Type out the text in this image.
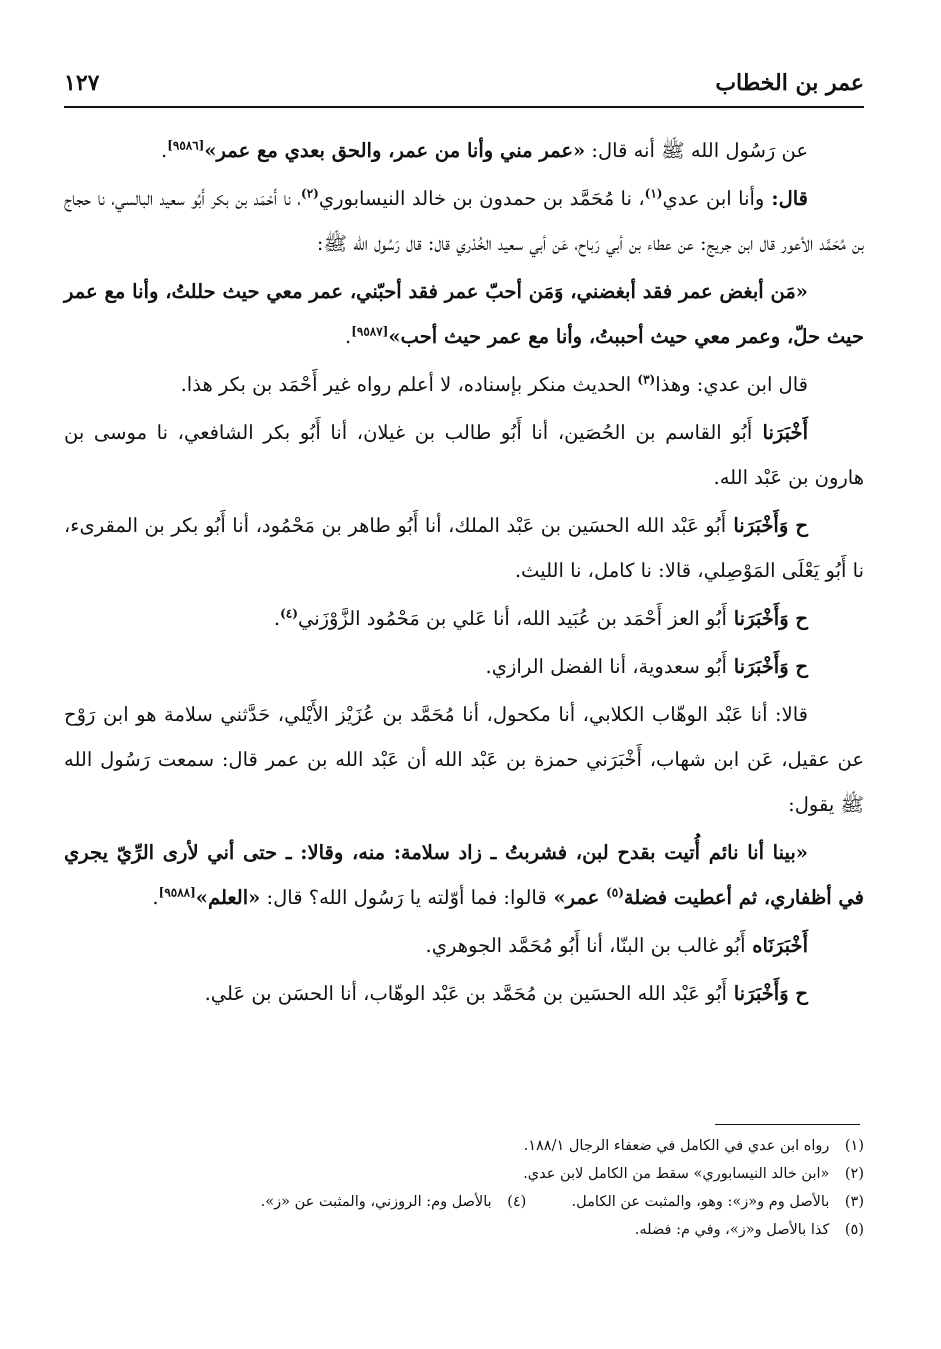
عمر بن الخطاب
١٢٧

عن رَسُول الله ﷺ أنه قال: «عمر مني وأنا من عمر، والحق بعدي مع عمر»[٩٥٨٦].

قال: وأنا ابن عدي$^{(١)}$، نا مُحَمَّد بن حمدون بن خالد النيسابوري$^{(٢)}$، نا أَحْمَد بن بكر أَبُو سعيد البالسي، نا حجاج بن مُحَمَّد الأعور قال ابن جريج: عن عطاء بن أبي رَباح، عَن أبي سعيد الخُدْري قال: قال رَسُول الله ﷺ:

«مَن أبغض عمر فقد أبغضني، وَمَن أحبّ عمر فقد أحبّني، عمر معي حيث حللتُ، وأنا مع عمر حيث حلّ، وعمر معي حيث أحببتُ، وأنا مع عمر حيث أحب»[٩٥٨٧].

قال ابن عدي: وهذا$^{(٣)}$ الحديث منكر بإسناده، لا أعلم رواه غير أَحْمَد بن بكر هذا.

أَخْبَرَنا أَبُو القاسم بن الحُصَين، أنا أَبُو طالب بن غيلان، أنا أَبُو بكر الشافعي، نا موسى بن هارون بن عَبْد الله.

ح وَأَخْبَرَنا أَبُو عَبْد الله الحسَين بن عَبْد الملك، أنا أَبُو طاهر بن مَحْمُود، أنا أَبُو بكر بن المقرىء، نا أَبُو يَعْلَى المَوْصِلي، قالا: نا كامل، نا الليث.

ح وَأَخْبَرَنا أَبُو العز أَحْمَد بن عُبَيد الله، أنا عَلي بن مَحْمُود الزَّوْزَني$^{(٤)}$.

ح وَأَخْبَرَنا أَبُو سعدوية، أنا الفضل الرازي.

قالا: أنا عَبْد الوهّاب الكلابي، أنا مكحول، أنا مُحَمَّد بن عُزَيْز الأَيْلي، حَدَّثني سلامة هو ابن رَوْح عن عقيل، عَن ابن شهاب، أَخْبَرَني حمزة بن عَبْد الله أن عَبْد الله بن عمر قال: سمعت رَسُول الله ﷺ يقول:

«بينا أنا نائم أُتيت بقدح لبن، فشربتُ ـ زاد سلامة: منه، وقالا: ـ حتى أني لأرى الرِّيّ يجري في أظفاري، ثم أعطيت فضلة$^{(٥)}$ عمر» قالوا: فما أوّلته يا رَسُول الله؟ قال: «العلم»[٩٥٨٨].

أَخْبَرَنَاه أَبُو غالب بن البنّا، أنا أَبُو مُحَمَّد الجوهري.

ح وَأَخْبَرَنا أَبُو عَبْد الله الحسَين بن مُحَمَّد بن عَبْد الوهّاب، أنا الحسَن بن عَلي.

(١) رواه ابن عدي في الكامل في ضعفاء الرجال ١٨٨/١.
(٢) «ابن خالد النيسابوري» سقط من الكامل لابن عدي.
(٣) بالأصل وم و«ز»: وهو، والمثبت عن الكامل.  (٤) بالأصل وم: الروزني، والمثبت عن «ز».
(٥) كذا بالأصل و«ز»، وفي م: فضله.
